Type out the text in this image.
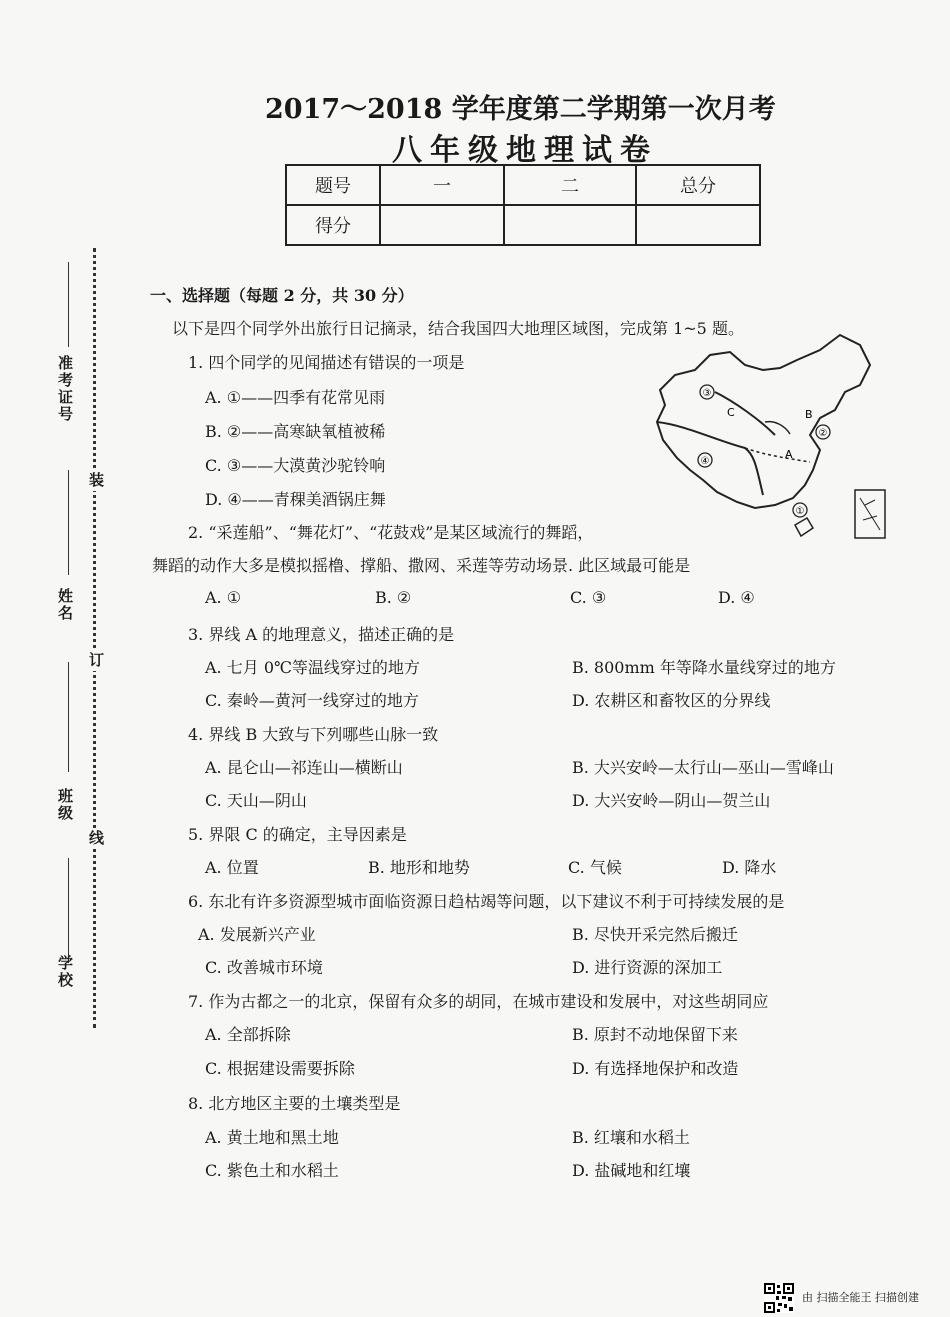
2017～2018 学年度第二学期第一次月考
八年级地理试卷
题号	一	二	总分
得分			
准考证号
姓名
班级
学校
装
订
线
一、选择题（每题 2 分，共 30 分）
以下是四个同学外出旅行日记摘录，结合我国四大地理区域图，完成第 1~5 题。
1. 四个同学的见闻描述有错误的一项是
A. ①——四季有花常见雨
B. ②——高寒缺氧植被稀
C. ③——大漠黄沙驼铃响
D. ④——青稞美酒锅庄舞
③
②
④
①
A
B
C
2. “采莲船”、“舞花灯”、“花鼓戏”是某区域流行的舞蹈，
舞蹈的动作大多是模拟摇橹、撑船、撒网、采莲等劳动场景. 此区域最可能是
A. ①	B. ②	C. ③	D. ④
3. 界线 A 的地理意义，描述正确的是
A. 七月 0℃等温线穿过的地方	B. 800mm 年等降水量线穿过的地方
C. 秦岭—黄河一线穿过的地方	D. 农耕区和畜牧区的分界线
4. 界线 B 大致与下列哪些山脉一致
A. 昆仑山—祁连山—横断山	B. 大兴安岭—太行山—巫山—雪峰山
C. 天山—阴山	D. 大兴安岭—阴山—贺兰山
5. 界限 C 的确定，主导因素是
A. 位置	B. 地形和地势	C. 气候	D. 降水
6. 东北有许多资源型城市面临资源日趋枯竭等问题，以下建议不利于可持续发展的是
A. 发展新兴产业	B. 尽快开采完然后搬迁
C. 改善城市环境	D. 进行资源的深加工
7. 作为古都之一的北京，保留有众多的胡同，在城市建设和发展中，对这些胡同应
A. 全部拆除	B. 原封不动地保留下来
C. 根据建设需要拆除	D. 有选择地保护和改造
8. 北方地区主要的土壤类型是
A. 黄土地和黑土地	B. 红壤和水稻土
C. 紫色土和水稻土	D. 盐碱地和红壤
由 扫描全能王 扫描创建
